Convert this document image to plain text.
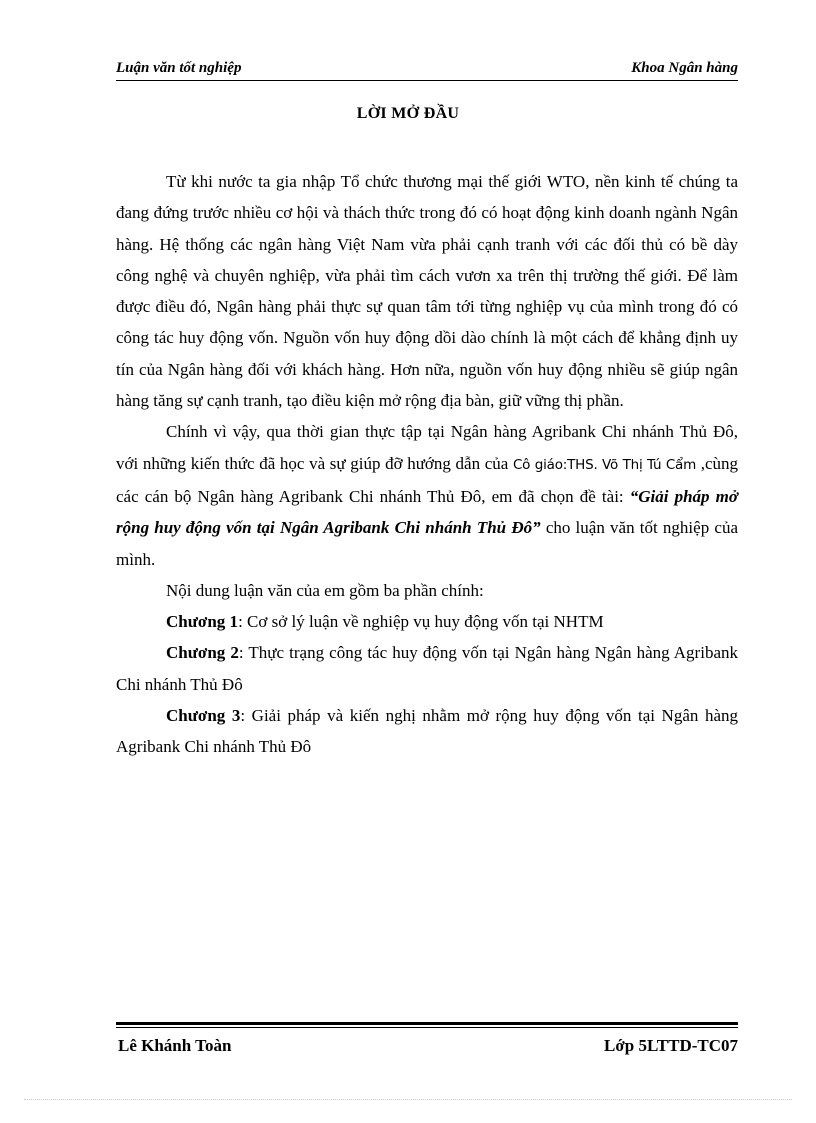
Luận văn tốt nghiệp	Khoa Ngân hàng
LỜI MỞ ĐẦU

Từ khi nước ta gia nhập Tổ chức thương mại thế giới WTO, nền kinh tế chúng ta đang đứng trước nhiều cơ hội và thách thức trong đó có hoạt động kinh doanh ngành Ngân hàng. Hệ thống các ngân hàng Việt Nam vừa phải cạnh tranh với các đối thủ có bề dày công nghệ và chuyên nghiệp, vừa phải tìm cách vươn xa trên thị trường thế giới. Để làm được điều đó, Ngân hàng phải thực sự quan tâm tới từng nghiệp vụ của mình trong đó có công tác huy động vốn. Nguồn vốn huy động dồi dào chính là một cách để khẳng định uy tín của Ngân hàng đối với khách hàng. Hơn nữa, nguồn vốn huy động nhiều sẽ giúp ngân hàng tăng sự cạnh tranh, tạo điều kiện mở rộng địa bàn, giữ vững thị phần.

Chính vì vậy, qua thời gian thực tập tại Ngân hàng Agribank Chi nhánh Thủ Đô, với những kiến thức đã học và sự giúp đỡ hướng dẫn của Cô giáo:THS. Võ Thị Tú Cẩm ,cùng các cán bộ Ngân hàng Agribank Chi nhánh Thủ Đô, em đã chọn đề tài: “Giải pháp mở rộng huy động vốn tại Ngân Agribank Chi nhánh Thủ Đô” cho luận văn tốt nghiệp của mình.

Nội dung luận văn của em gồm ba phần chính:

Chương 1: Cơ sở lý luận về nghiệp vụ huy động vốn tại NHTM

Chương 2: Thực trạng công tác huy động vốn tại Ngân hàng Ngân hàng Agribank Chi nhánh Thủ Đô

Chương 3: Giải pháp và kiến nghị nhằm mở rộng huy động vốn tại Ngân hàng Agribank Chi nhánh Thủ Đô

Lê Khánh Toàn	Lớp 5LTTD-TC07
